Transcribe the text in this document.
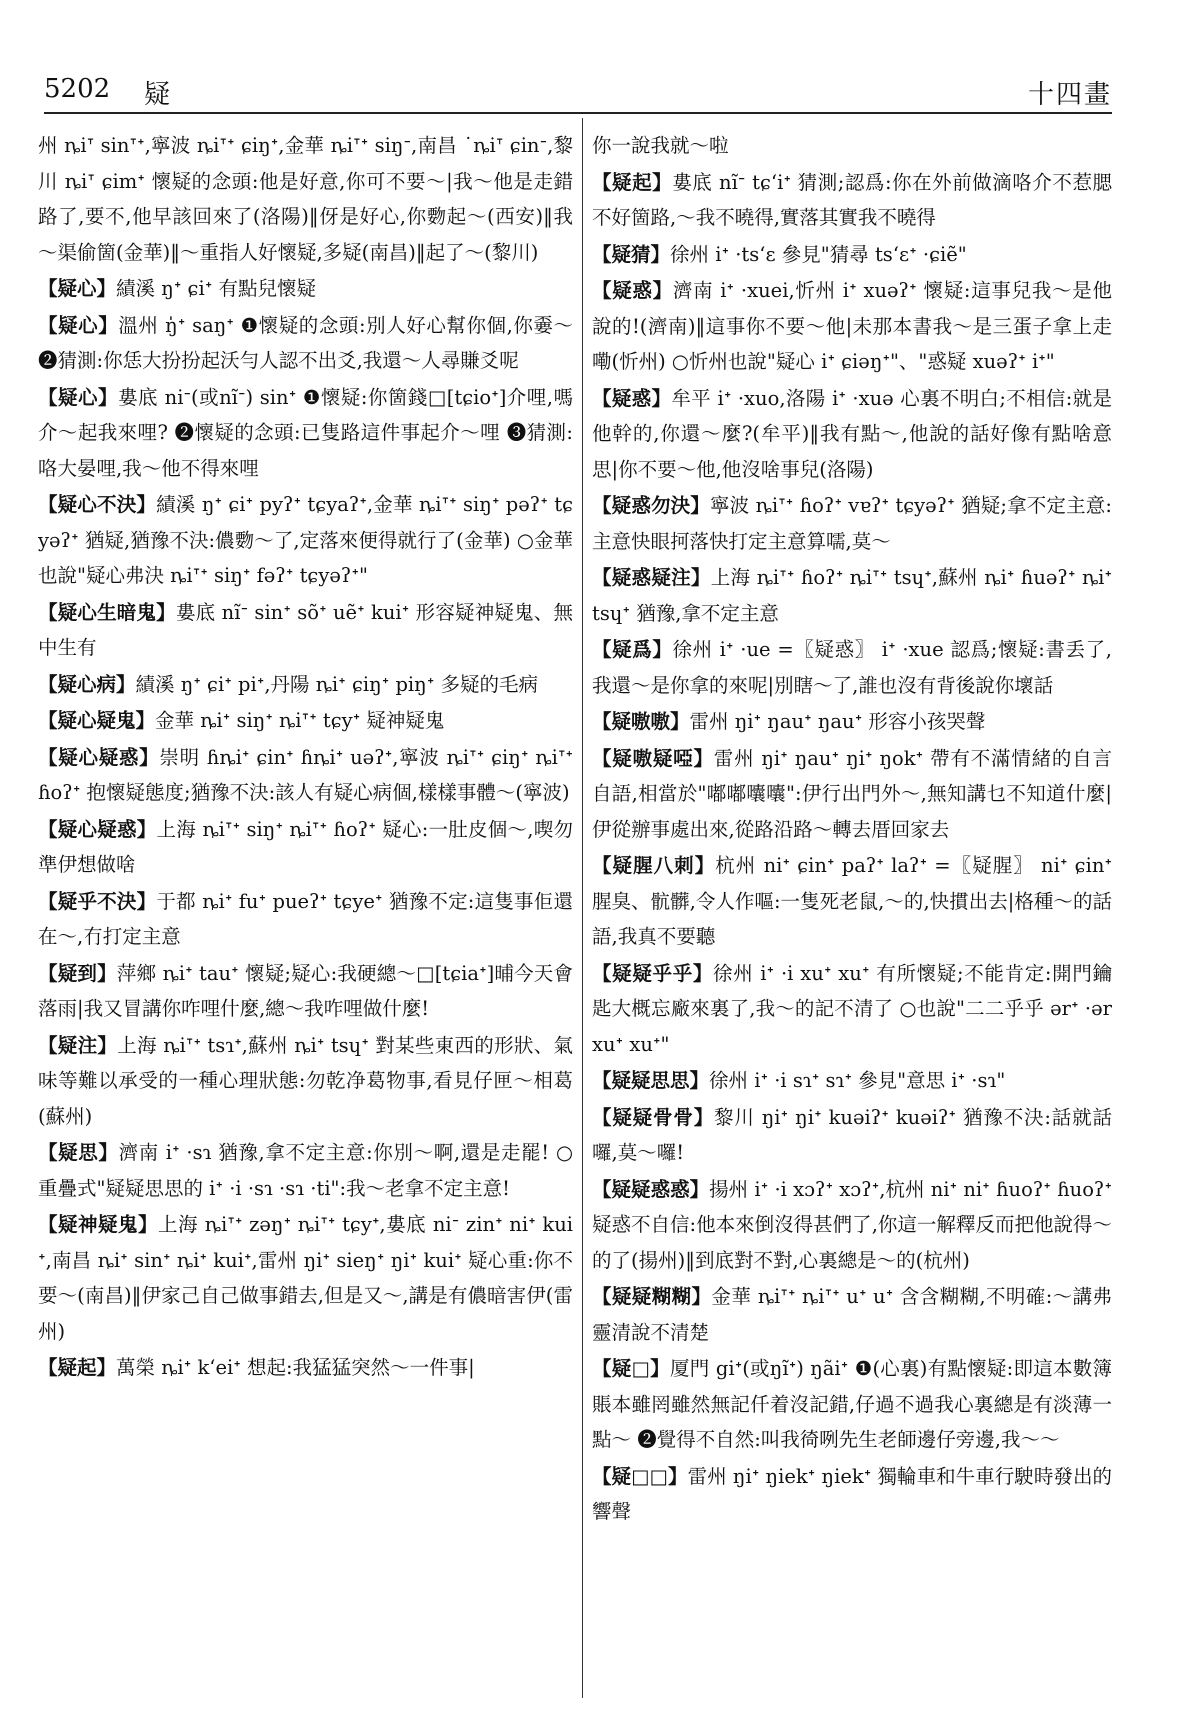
5202 疑	十四畫
州 ȵiᐪ sinᐪᐩ,寧波 ȵiᐪᐩ ɕiŋᐩ,金華 ȵiᐪᐩ siŋᐨ,南昌 ˙ȵiᐪ ɕinᐨ,黎川 ȵiᐪ ɕimᐩ 懷疑的念頭:他是好意,你可不要～|我～他是走錯路了,要不,他早該回來了(洛陽)‖伢是好心,你覅起～(西安)‖我～渠偷箇(金華)‖～重指人好懷疑,多疑(南昌)‖起了～(黎川)
【疑心】績溪 ŋᐩ ɕiᐩ 有點兒懷疑
【疑心】溫州 ŋ̍ᐩ saŋᐩ ❶懷疑的念頭:別人好心幫你個,你嫑～ ❷猜測:你恁大扮扮起沃勻人認不出爻,我還～人尋賺爻呢
【疑心】婁底 niᐨ(或nĩᐨ) sinᐩ ❶懷疑:你箇錢□[tɕioᐩ]介哩,嗎介～起我來哩? ❷懷疑的念頭:已隻路這件事起介～哩 ❸猜測:咯大晏哩,我～他不得來哩
【疑心不決】績溪 ŋᐩ ɕiᐩ pyʔᐩ tɕyaʔᐩ,金華 ȵiᐪᐩ siŋᐩ pəʔᐩ tɕyəʔᐩ 猶疑,猶豫不決:儂覅～了,定落來便得就行了(金華) ○金華也說"疑心弗決 ȵiᐪᐩ siŋᐩ fəʔᐩ tɕyəʔᐩ"
【疑心生暗鬼】婁底 nĩᐨ sinᐩ sõᐩ uẽᐩ kuiᐩ 形容疑神疑鬼、無中生有
【疑心病】績溪 ŋᐩ ɕiᐩ piᐩ,丹陽 ȵiᐩ ɕiŋᐩ piŋᐩ 多疑的毛病
【疑心疑鬼】金華 ȵiᐩ siŋᐩ ȵiᐪᐩ tɕyᐩ 疑神疑鬼
【疑心疑惑】崇明 ɦȵiᐩ ɕinᐩ ɦȵiᐩ uəʔᐩ,寧波 ȵiᐪᐩ ɕiŋᐩ ȵiᐪᐩ ɦoʔᐩ 抱懷疑態度;猶豫不決:該人有疑心病個,樣樣事體～(寧波)
【疑心疑惑】上海 ȵiᐪᐩ siŋᐩ ȵiᐪᐩ ɦoʔᐩ 疑心:一肚皮個～,喫勿準伊想做啥
【疑乎不決】于都 ȵiᐩ fuᐩ pueʔᐩ tɕyeᐩ 猶豫不定:這隻事佢還在～,冇打定主意
【疑到】萍鄉 ȵiᐩ tauᐩ 懷疑;疑心:我硬總～□[tɕiaᐩ]晡今天會落雨|我又冒講你咋哩什麼,總～我咋哩做什麼!
【疑注】上海 ȵiᐪᐩ tsɿᐩ,蘇州 ȵiᐩ tsɥᐩ 對某些東西的形狀、氣味等難以承受的一種心理狀態:勿乾净葛物事,看見仔匣～相葛(蘇州)
【疑思】濟南 iᐩ ·sɿ 猶豫,拿不定主意:你別～啊,還是走罷! ○重疊式"疑疑思思的 iᐩ ·i ·sɿ ·sɿ ·ti":我～老拿不定主意!
【疑神疑鬼】上海 ȵiᐪᐩ zəŋᐩ ȵiᐪᐩ tɕyᐩ,婁底 niᐨ zinᐩ niᐩ kuiᐩ,南昌 ȵiᐩ sinᐩ ȵiᐩ kuiᐩ,雷州 ŋiᐩ sieŋᐩ ŋiᐩ kuiᐩ 疑心重:你不要～(南昌)‖伊家己自己做事錯去,但是又～,講是有儂暗害伊(雷州)
【疑起】萬榮 ȵiᐩ kʻeiᐩ 想起:我猛猛突然～一件事|
你一說我就～啦
【疑起】婁底 nĩᐨ tɕʻiᐩ 猜測;認爲:你在外前做滴咯介不惹腮不好箇路,～我不曉得,實落其實我不曉得
【疑猜】徐州 iᐩ ·tsʻɛ 參見"猜尋 tsʻɛᐩ ·ɕiẽ"
【疑惑】濟南 iᐩ ·xuei,忻州 iᐩ xuəʔᐩ 懷疑:這事兒我～是他說的!(濟南)‖這事你不要～他|未那本書我～是三蛋子拿上走嘞(忻州) ○忻州也說"疑心 iᐩ ɕiəŋᐩ"、"惑疑 xuəʔᐩ iᐩ"
【疑惑】牟平 iᐩ ·xuo,洛陽 iᐩ ·xuə 心裏不明白;不相信:就是他幹的,你還～麼?(牟平)‖我有點～,他說的話好像有點啥意思|你不要～他,他沒啥事兒(洛陽)
【疑惑勿決】寧波 ȵiᐪᐩ ɦoʔᐩ vɐʔᐩ tɕyəʔᐩ 猶疑;拿不定主意:主意快眼抲落快打定主意算嚅,莫～
【疑惑疑注】上海 ȵiᐪᐩ ɦoʔᐩ ȵiᐪᐩ tsɥᐩ,蘇州 ȵiᐩ ɦuəʔᐩ ȵiᐩ tsɥᐩ 猶豫,拿不定主意
【疑爲】徐州 iᐩ ·ue =〖疑惑〗 iᐩ ·xue 認爲;懷疑:書丢了,我還～是你拿的來呢|別瞎～了,誰也沒有背後說你壞話
【疑嗷嗷】雷州 ŋiᐩ ŋauᐩ ŋauᐩ 形容小孩哭聲
【疑嗷疑啞】雷州 ŋiᐩ ŋauᐩ ŋiᐩ ŋokᐩ 帶有不滿情緒的自言自語,相當於"嘟嘟囔囔":伊行出門外～,無知講乜不知道什麼|伊從辦事處出來,從路沿路～轉去厝回家去
【疑腥八刺】杭州 niᐩ ɕinᐩ paʔᐩ laʔᐩ =〖疑腥〗 niᐩ ɕinᐩ 腥臭、骯髒,令人作嘔:一隻死老鼠,～的,快摜出去|格種～的話語,我真不要聽
【疑疑乎乎】徐州 iᐩ ·i xuᐩ xuᐩ 有所懷疑;不能肯定:開門鑰匙大概忘廠來裏了,我～的記不清了 ○也說"二二乎乎 ərᐩ ·ər xuᐩ xuᐩ"
【疑疑思思】徐州 iᐩ ·i sɿᐩ sɿᐩ 參見"意思 iᐩ ·sɿ"
【疑疑骨骨】黎川 ŋiᐩ ŋiᐩ kuəiʔᐩ kuəiʔᐩ 猶豫不決:話就話囉,莫～囉!
【疑疑惑惑】揚州 iᐩ ·i xɔʔᐩ xɔʔᐩ,杭州 niᐩ niᐩ ɦuoʔᐩ ɦuoʔᐩ 疑惑不自信:他本來倒沒得甚們了,你這一解釋反而把他說得～的了(揚州)‖到底對不對,心裏總是～的(杭州)
【疑疑糊糊】金華 ȵiᐪᐩ ȵiᐪᐩ uᐩ uᐩ 含含糊糊,不明確:～講弗靈清說不清楚
【疑□】厦門 giᐩ(或ŋĩᐩ) ŋãiᐩ ❶(心裏)有點懷疑:即這本數簿賬本雖罔雖然無記仟着沒記錯,仔過不過我心裏總是有淡薄一點～ ❷覺得不自然:叫我徛咧先生老師邊仔旁邊,我～～
【疑□□】雷州 ŋiᐩ ŋiekᐩ ŋiekᐩ 獨輪車和牛車行駛時發出的響聲
